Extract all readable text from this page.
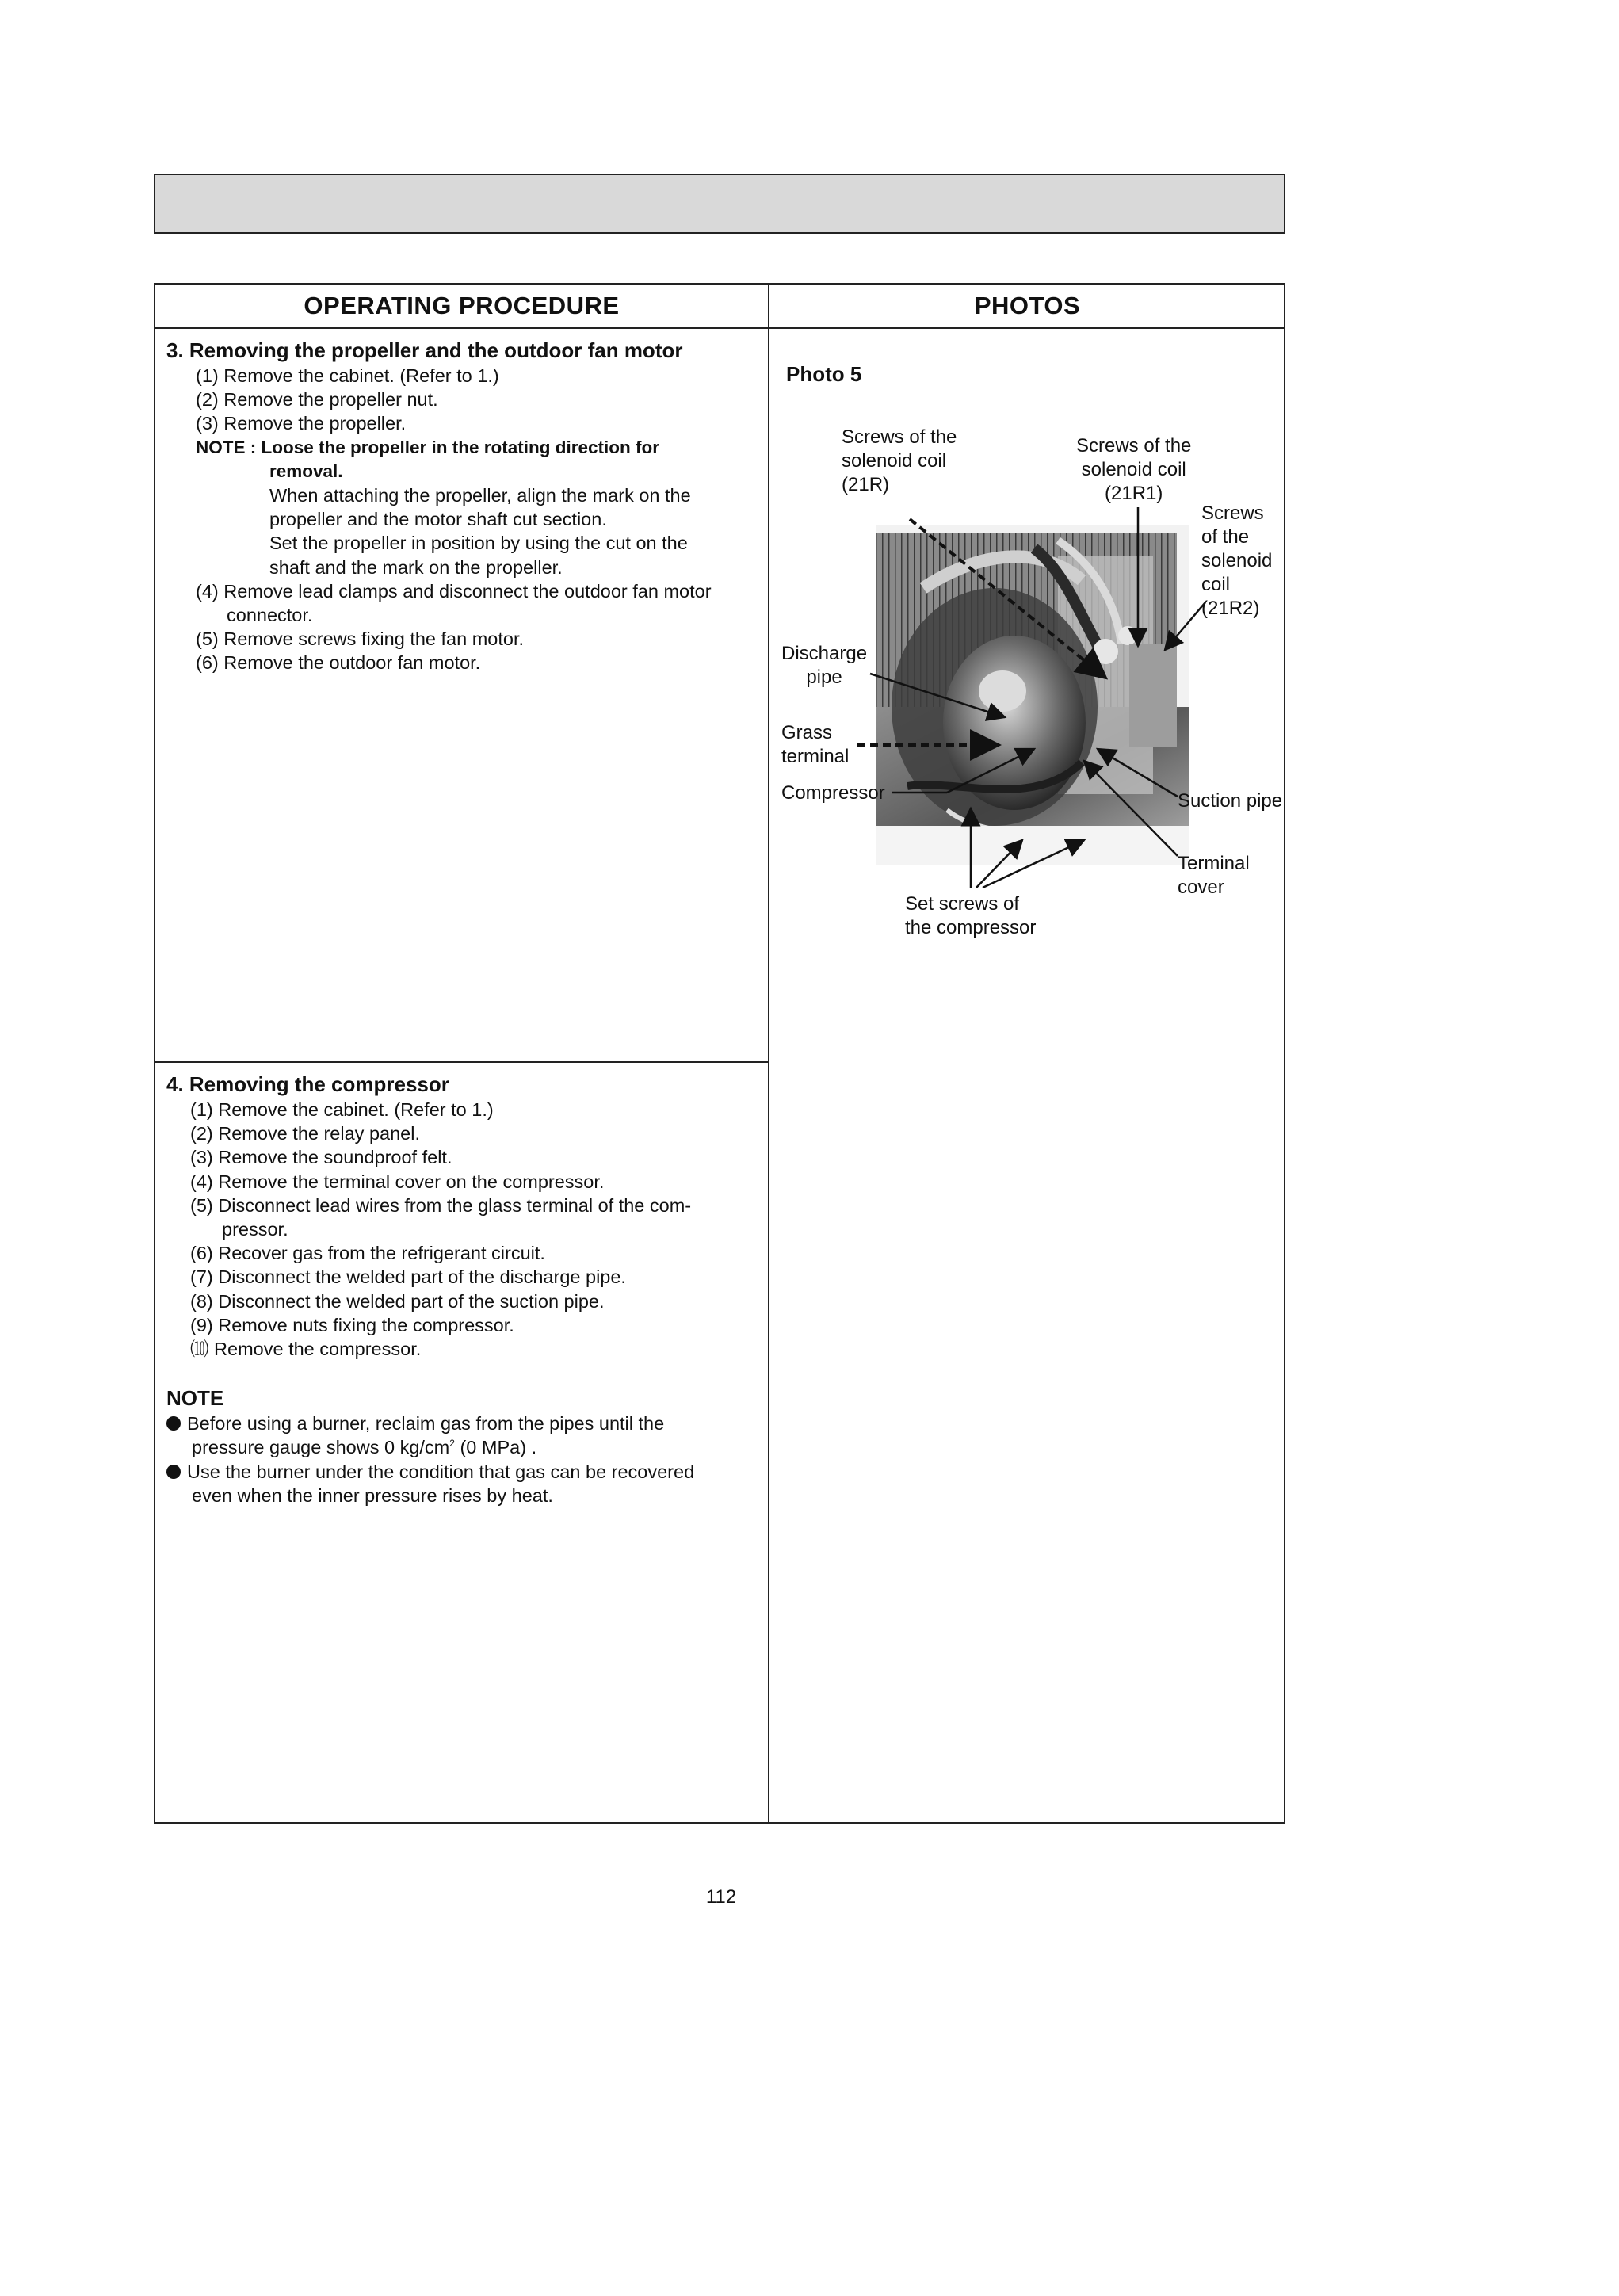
OPERATING PROCEDURE	PHOTOS
3. Removing the propeller and the outdoor fan motor
(1) Remove the cabinet. (Refer to 1.)
(2) Remove the propeller nut.
(3) Remove the propeller.
NOTE : Loose the propeller in the rotating direction for
removal.
When attaching the propeller, align the mark on the
propeller and the motor shaft cut section.
Set the propeller in position by using the cut on the
shaft and the mark on the propeller.
(4) Remove lead clamps and disconnect the outdoor fan motor
connector.
(5) Remove screws fixing the fan motor.
(6) Remove the outdoor fan motor.
4. Removing the compressor
(1) Remove the cabinet. (Refer to 1.)
(2) Remove the relay panel.
(3) Remove the soundproof felt.
(4) Remove the terminal cover on the compressor.
(5) Disconnect lead wires from the glass terminal of the com-
pressor.
(6) Recover gas from the refrigerant circuit.
(7) Disconnect the welded part of the discharge pipe.
(8) Disconnect the welded part of the suction pipe.
(9) Remove nuts fixing the compressor.
⑽ Remove the compressor.
NOTE
Before using a burner, reclaim gas from the pipes until the
pressure gauge shows 0 $kg/cm^2$ (0 MPa) .
Use the burner under the condition that gas can be recovered
even when the inner pressure rises by heat.
Photo 5
Screws of the
solenoid coil
(21R)
Screws of the
solenoid coil
(21R1)
Screws
of the
solenoid
coil
(21R2)
Discharge
pipe
Grass
terminal
Compressor	Suction pipe
Terminal
cover
Set screws of
the compressor
112
